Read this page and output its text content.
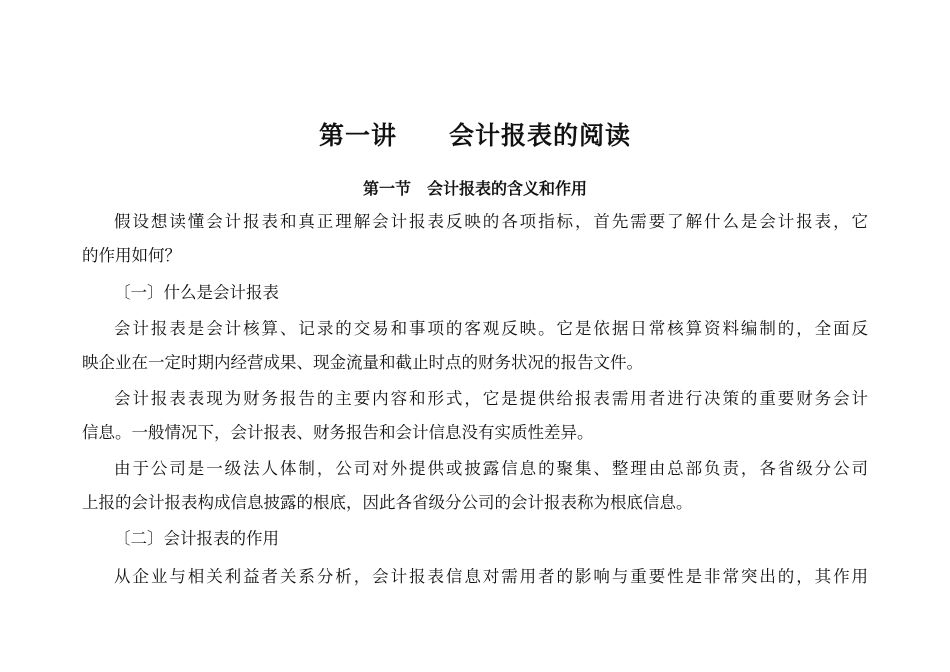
第一讲　　会计报表的阅读
第一节　会计报表的含义和作用
假设想读懂会计报表和真正理解会计报表反映的各项指标，首先需要了解什么是会计报表，它
的作用如何？
〔一〕什么是会计报表
会计报表是会计核算、记录的交易和事项的客观反映。它是依据日常核算资料编制的，全面反
映企业在一定时期内经营成果、现金流量和截止时点的财务状况的报告文件。
会计报表表现为财务报告的主要内容和形式，它是提供给报表需用者进行决策的重要财务会计
信息。一般情况下，会计报表、财务报告和会计信息没有实质性差异。
由于公司是一级法人体制，公司对外提供或披露信息的聚集、整理由总部负责，各省级分公司
上报的会计报表构成信息披露的根底，因此各省级分公司的会计报表称为根底信息。
〔二〕会计报表的作用
从企业与相关利益者关系分析，会计报表信息对需用者的影响与重要性是非常突出的，其作用
